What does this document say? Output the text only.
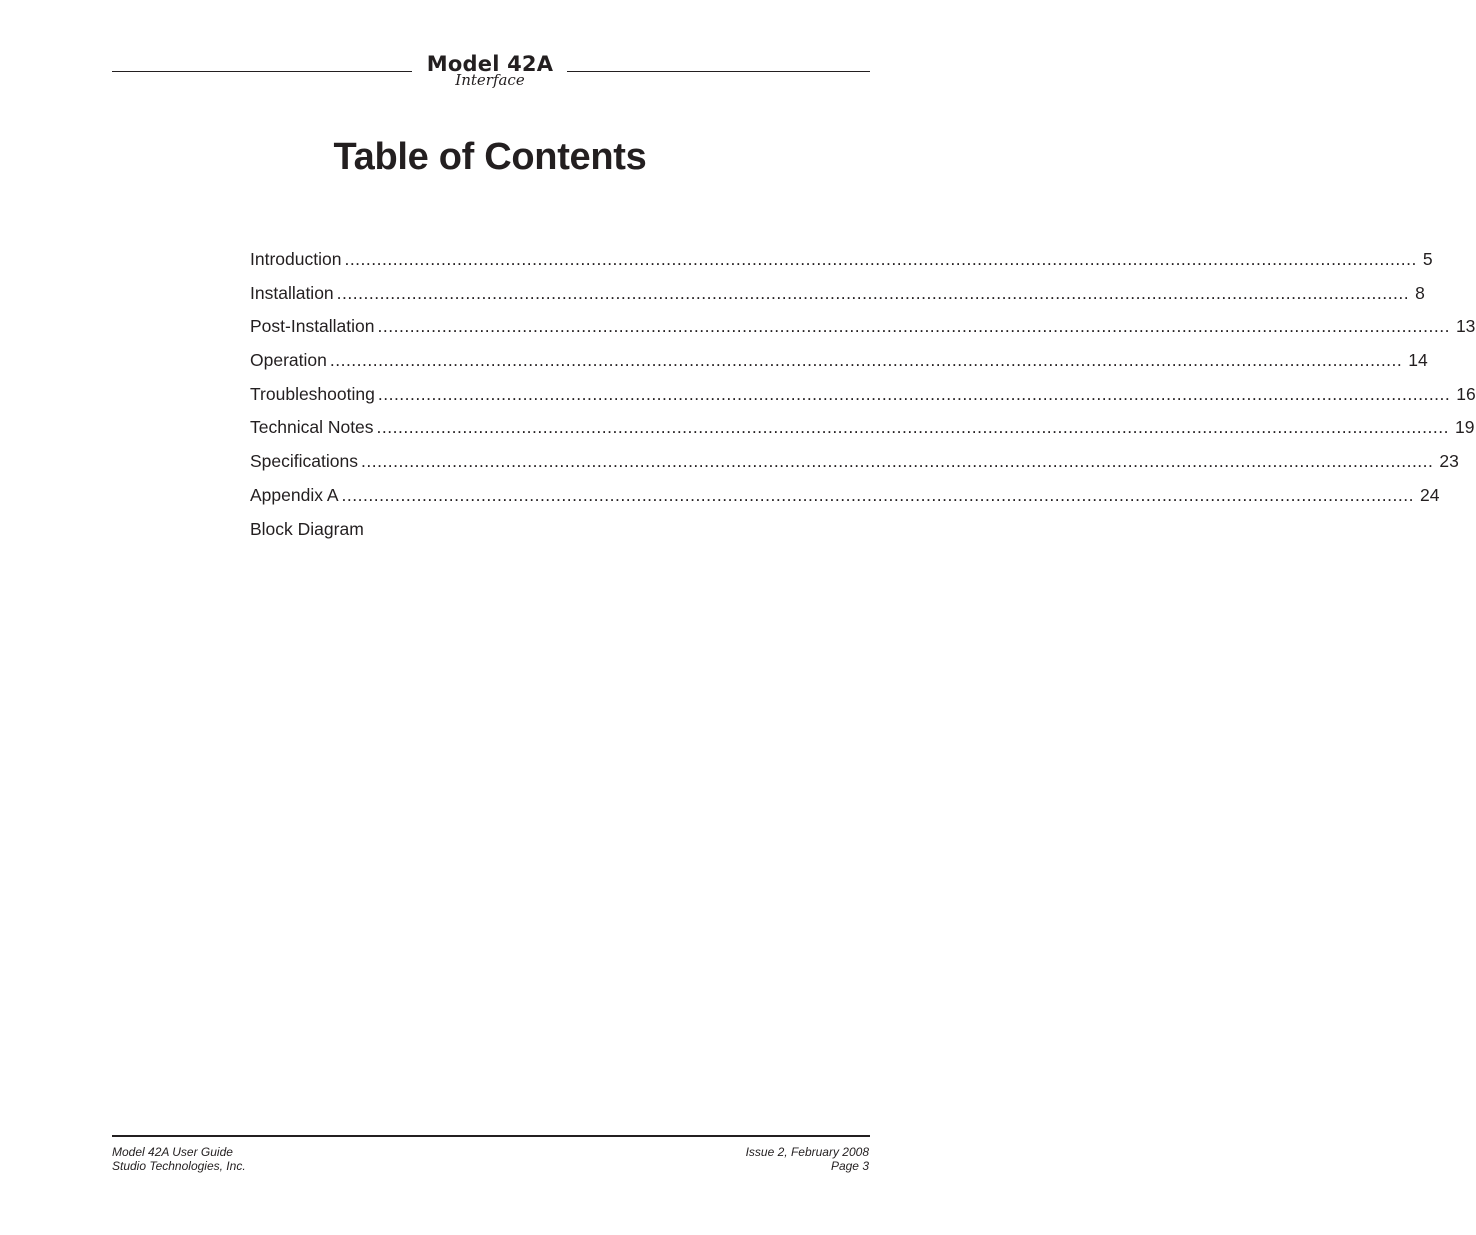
Model 42A
Interface
Table of Contents
Introduction ........................................................................................................................................................................................................ 5
Installation ........................................................................................................................................................................................................ 8
Post-Installation ........................................................................................................................................................................................................ 13
Operation ........................................................................................................................................................................................................ 14
Troubleshooting ........................................................................................................................................................................................................ 16
Technical Notes ........................................................................................................................................................................................................ 19
Specifications ........................................................................................................................................................................................................ 23
Appendix A ........................................................................................................................................................................................................ 24
Block Diagram
Model 42A User Guide
Studio Technologies, Inc.
Issue 2, February 2008
Page 3
